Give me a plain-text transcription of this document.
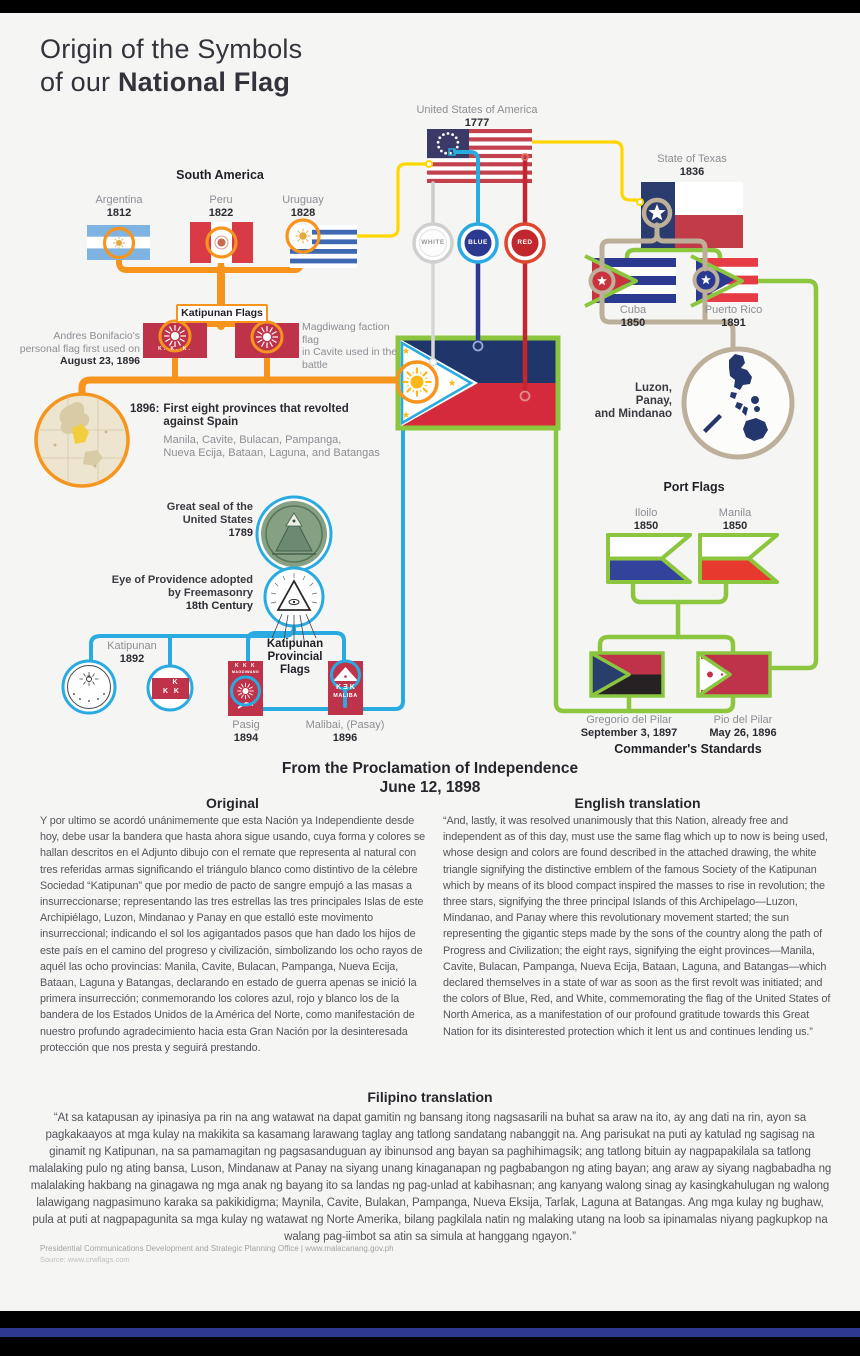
Origin of the Symbols
of our National Flag
United States of America
1777
South America
Argentina
1812
Peru
1822
Uruguay
1828
State of Texas
1836
WHITE	BLUE	RED
Cuba
1850
Puerto Rico
1891
Katipunan Flags
Andres Bonifacio's
personal flag first used on
August 23, 1896
Magdiwang faction flag
in Cavite used in the
battle
1896: First eight provinces that revolted
against Spain
Manila, Cavite, Bulacan, Pampanga,
Nueva Ecija, Bataan, Laguna, and Batangas
Great seal of the
United States
1789
Eye of Providence adopted
by Freemasonry
18th Century
Katipunan
1892
Katipunan Provincial
Flags
Pasig
1894
Malibai, (Pasay)
1896
Luzon,
Panay,
and Mindanao
Port Flags
Iloilo
1850
Manila
1850
Gregorio del Pilar
September 3, 1897
Pio del Pilar
May 26, 1896
Commander's Standards
K. K. K.
K
K   K
K
K K K
MAGDIWANG
K Ǝ K
MALIBA
From the Proclamation of Independence
June 12, 1898
Original
Y por ultimo se acordó unánimemente que esta Nación ya Independiente desde hoy, debe usar la bandera que hasta ahora sigue usando, cuya forma y colores se hallan descritos en el Adjunto dibujo con el remate que representa al natural con tres referidas armas significando el triángulo blanco como distintivo de la célebre Sociedad “Katipunan” que por medio de pacto de sangre empujó a las masas a insurreccionarse; representando las tres estrellas las tres principales Islas de este Archipiélago, Luzon, Mindanao y Panay en que estalló este movimento insurreccional; indicando el sol los agigantados pasos que han dado los hijos de este país en el camino del progreso y civilización, simbolizando los ocho rayos de aquél las ocho provincias: Manila, Cavite, Bulacan, Pampanga, Nueva Ecija, Bataan, Laguna y Batangas, declarando en estado de guerra apenas se inició la primera insurrección; conmemorando los colores azul, rojo y blanco los de la bandera de los Estados Unidos de la América del Norte, como manifestación de nuestro profundo agradecimiento hacia esta Gran Nación por la desinteresada protección que nos presta y seguirá prestando.
English translation
“And, lastly, it was resolved unanimously that this Nation, already free and independent as of this day, must use the same flag which up to now is being used, whose design and colors are found described in the attached drawing, the white triangle signifying the distinctive emblem of the famous Society of the Katipunan which by means of its blood compact inspired the masses to rise in revolution; the three stars, signifying the three principal Islands of this Archipelago—Luzon, Mindanao, and Panay where this revolutionary movement started; the sun representing the gigantic steps made by the sons of the country along the path of Progress and Civilization; the eight rays, signifying the eight provinces—Manila, Cavite, Bulacan, Pampanga, Nueva Ecija, Bataan, Laguna, and Batangas—which declared themselves in a state of war as soon as the first revolt was initiated; and the colors of Blue, Red, and White, commemorating the flag of the United States of North America, as a manifestation of our profound gratitude towards this Great Nation for its disinterested protection which it lent us and continues lending us.”
Filipino translation
“At sa katapusan ay ipinasiya pa rin na ang watawat na dapat gamitin ng bansang itong nagsasarili na buhat sa araw na ito, ay ang dati na rin, ayon sa pagkakaayos at mga kulay na makikita sa kasamang larawang taglay ang tatlong sandatang nabanggit na. Ang parisukat na puti ay katulad ng sagisag na ginamit ng Katipunan, na sa pamamagitan ng pagsasanduguan ay ibinunsod ang bayan sa paghihimagsik; ang tatlong bituin ay nagpapakilala sa tatlong malalaking pulo ng ating bansa, Luson, Mindanaw at Panay na siyang unang kinaganapan ng pagbabangon ng ating bayan; ang araw ay siyang nagbabadha ng malalaking hakbang na ginagawa ng mga anak ng bayang ito sa landas ng pag-unlad at kabihasnan; ang kanyang walong sinag ay kasingkahulugan ng walong lalawigang nagpasimuno karaka sa pakikidigma; Maynila, Cavite, Bulakan, Pampanga, Nueva Eksija, Tarlak, Laguna at Batangas. Ang mga kulay ng bughaw, pula at puti at nagpapagunita sa mga kulay ng watawat ng Norte Amerika, bilang pagkilala natin ng malaking utang na loob sa ipinamalas niyang pagkupkop na walang pag-iimbot sa atin sa simula at hanggang ngayon.”
Presidential Communications Development and Strategic Planning Office | www.malacanang.gov.ph
Source: www.crwflags.com
